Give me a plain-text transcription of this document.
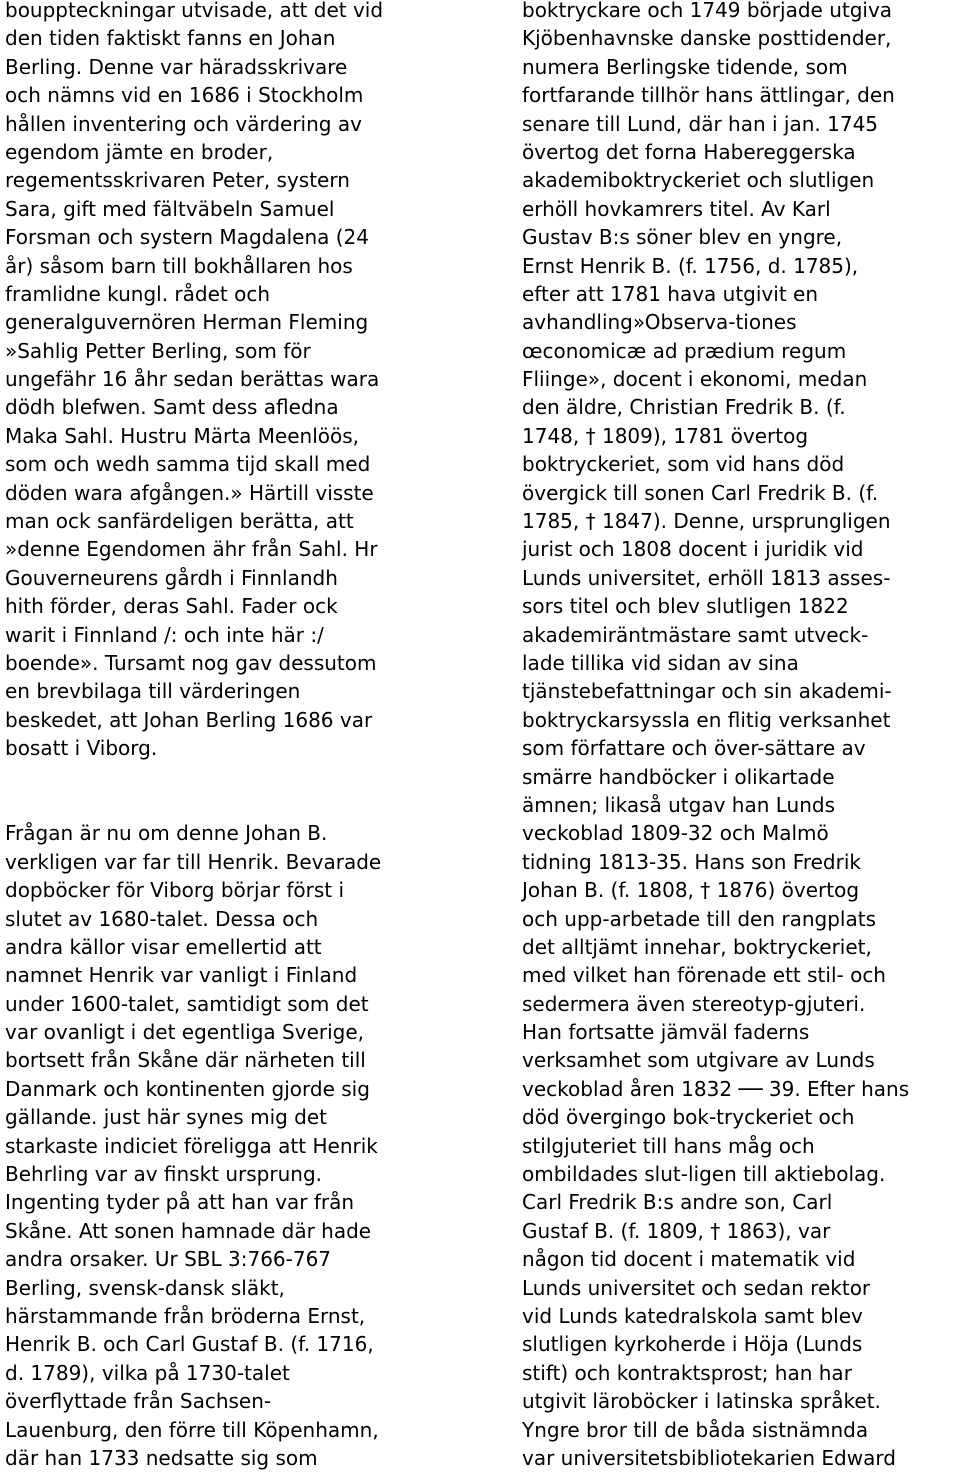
bouppteckningar utvisade, att det vid
den tiden faktiskt fanns en Johan
Berling. Denne var häradsskrivare
och nämns vid en 1686 i Stockholm
hållen inventering och värdering av
egendom jämte en broder,
regementsskrivaren Peter, systern
Sara, gift med fältväbeln Samuel
Forsman och systern Magdalena (24
år) såsom barn till bokhållaren hos
framlidne kungl. rådet och
generalguvernören Herman Fleming
»Sahlig Petter Berling, som för
ungefähr 16 åhr sedan berättas wara
dödh blefwen. Samt dess afledna
Maka Sahl. Hustru Märta Meenlöös,
som och wedh samma tijd skall med
döden wara afgången.» Härtill visste
man ock sanfärdeligen berätta, att
»denne Egendomen ähr från Sahl. Hr
Gouverneurens gårdh i Finnlandh
hith förder, deras Sahl. Fader ock
warit i Finnland /: och inte här :/
boende». Tursamt nog gav dessutom
en brevbilaga till värderingen
beskedet, att Johan Berling 1686 var
bosatt i Viborg.
Frågan är nu om denne Johan B.
verkligen var far till Henrik. Bevarade
dopböcker för Viborg börjar först i
slutet av 1680-talet. Dessa och
andra källor visar emellertid att
namnet Henrik var vanligt i Finland
under 1600-talet, samtidigt som det
var ovanligt i det egentliga Sverige,
bortsett från Skåne där närheten till
Danmark och kontinenten gjorde sig
gällande. just här synes mig det
starkaste indiciet föreligga att Henrik
Behrling var av finskt ursprung.
Ingenting tyder på att han var från
Skåne. Att sonen hamnade där hade
andra orsaker. Ur SBL 3:766-767
Berling, svensk-dansk släkt,
härstammande från bröderna Ernst,
Henrik B. och Carl Gustaf B. (f. 1716,
d. 1789), vilka på 1730-talet
överflyttade från Sachsen-
Lauenburg, den förre till Köpenhamn,
där han 1733 nedsatte sig som
boktryckare och 1749 började utgiva
Kjöbenhavnske danske posttidender,
numera Berlingske tidende, som
fortfarande tillhör hans ättlingar, den
senare till Lund, där han i jan. 1745
övertog det forna Habereggerska
akademiboktryckeriet och slutligen
erhöll hovkamrers titel. Av Karl
Gustav B:s söner blev en yngre,
Ernst Henrik B. (f. 1756, d. 1785),
efter att 1781 hava utgivit en
avhandling»Observa-tiones
œconomicæ ad prædium regum
Fliinge», docent i ekonomi, medan
den äldre, Christian Fredrik B. (f.
1748, † 1809), 1781 övertog
boktryckeriet, som vid hans död
övergick till sonen Carl Fredrik B. (f.
1785, † 1847). Denne, ursprungligen
jurist och 1808 docent i juridik vid
Lunds universitet, erhöll 1813 asses-
sors titel och blev slutligen 1822
akademiräntmästare samt utveck-
lade tillika vid sidan av sina
tjänstebefattningar och sin akademi-
boktryckarsyssla en flitig verksanhet
som författare och över-sättare av
smärre handböcker i olikartade
ämnen; likaså utgav han Lunds
veckoblad 1809-32 och Malmö
tidning 1813-35. Hans son Fredrik
Johan B. (f. 1808, † 1876) övertog
och upp-arbetade till den rangplats
det alltjämt innehar, boktryckeriet,
med vilket han förenade ett stil- och
sedermera även stereotyp-gjuteri.
Han fortsatte jämväl faderns
verksamhet som utgivare av Lunds
veckoblad åren 1832 ── 39. Efter hans
död övergingo bok-tryckeriet och
stilgjuteriet till hans måg och
ombildades slut-ligen till aktiebolag.
Carl Fredrik B:s andre son, Carl
Gustaf B. (f. 1809, † 1863), var
någon tid docent i matematik vid
Lunds universitet och sedan rektor
vid Lunds katedralskola samt blev
slutligen kyrkoherde i Höja (Lunds
stift) och kontraktsprost; han har
utgivit läroböcker i latinska språket.
Yngre bror till de båda sistnämnda
var universitetsbibliotekarien Edward
